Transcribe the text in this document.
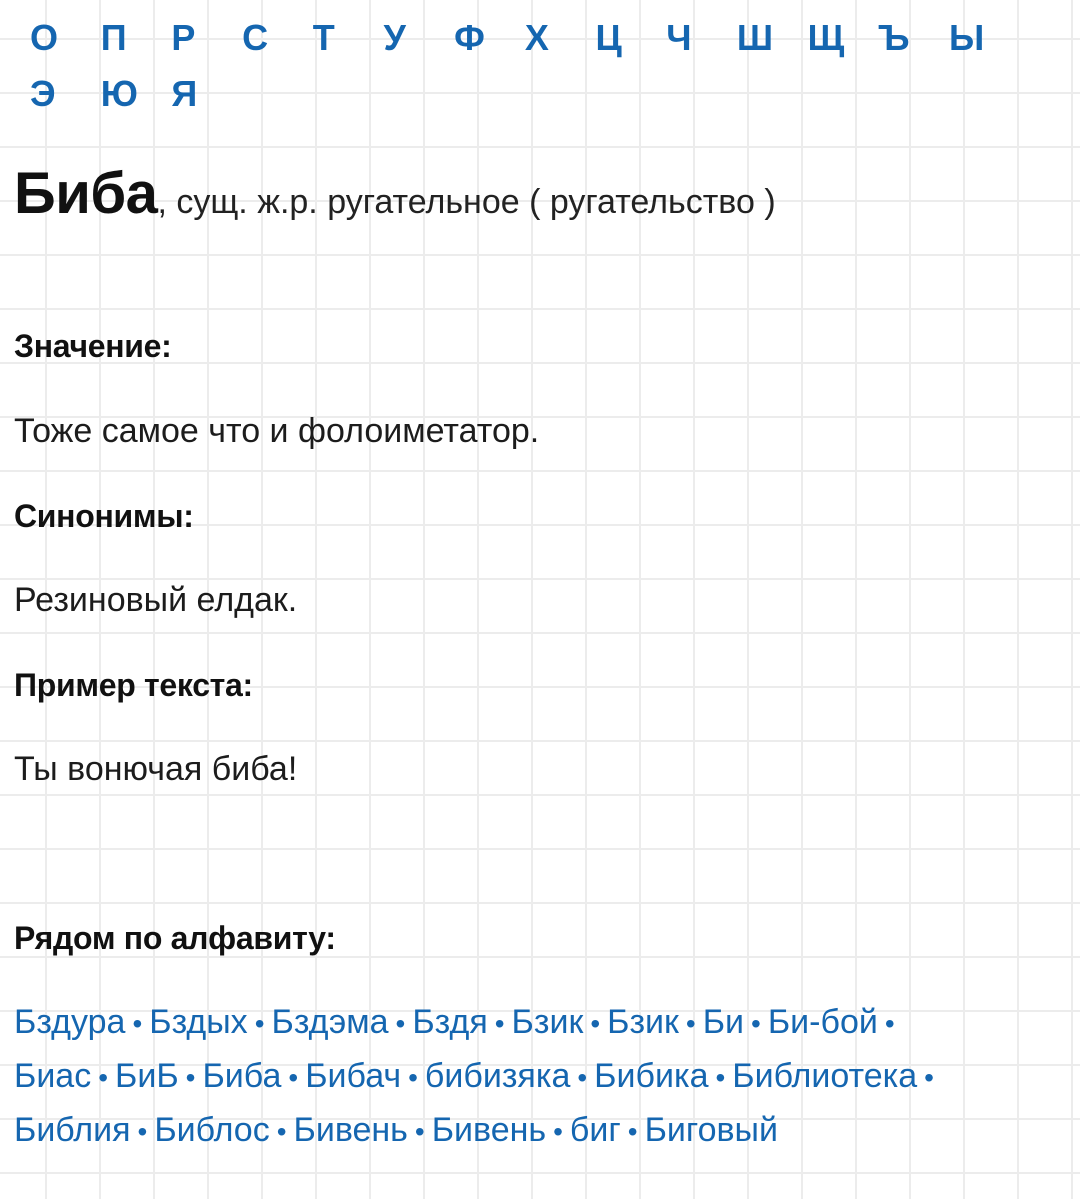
О	П	Р	С	Т	У	Ф	Х	Ц	Ч	Ш Щ Ъ	Ы
Э	Ю Я
Биба, сущ. ж.р. ругательное ( ругательство )
Значение:
Тоже самое что и фолоиметатор.
Синонимы:
Резиновый елдак.
Пример текста:
Ты вонючая биба!
Рядом по алфавиту:
Бздура • Бздых • Бздэма • Бздя • Бзик • Бзик • Би • Би-бой •
Биас • БиБ • Биба • Бибач • бибизяка • Бибика • Библиотека •
Библия • Библос • Бивень • Бивень • биг • Биговый
